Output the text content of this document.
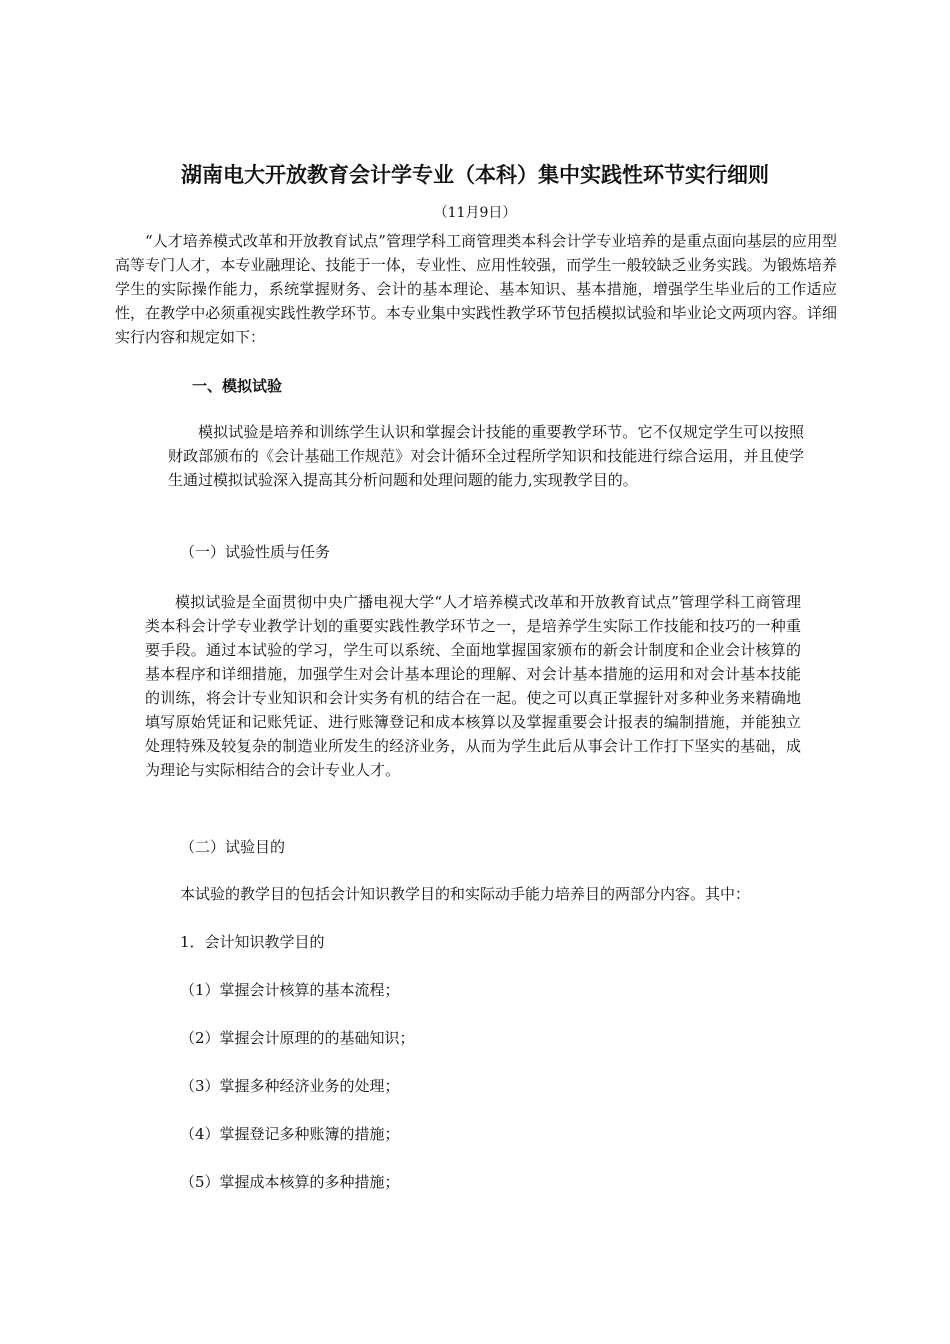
湖南电大开放教育会计学专业（本科）集中实践性环节实行细则
（11月9日）

“人才培养模式改革和开放教育试点”管理学科工商管理类本科会计学专业培养的是重点面向基层的应用型高等专门人才，本专业融理论、技能于一体，专业性、应用性较强，而学生一般较缺乏业务实践。为锻炼培养学生的实际操作能力，系统掌握财务、会计的基本理论、基本知识、基本措施，增强学生毕业后的工作适应性，在教学中必须重视实践性教学环节。本专业集中实践性教学环节包括模拟试验和毕业论文两项内容。详细实行内容和规定如下：

一、模拟试验

模拟试验是培养和训练学生认识和掌握会计技能的重要教学环节。它不仅规定学生可以按照财政部颁布的《会计基础工作规范》对会计循环全过程所学知识和技能进行综合运用，并且使学生通过模拟试验深入提高其分析问题和处理问题的能力,实现教学目的。

（一）试验性质与任务

模拟试验是全面贯彻中央广播电视大学“人才培养模式改革和开放教育试点”管理学科工商管理类本科会计学专业教学计划的重要实践性教学环节之一，是培养学生实际工作技能和技巧的一种重要手段。通过本试验的学习，学生可以系统、全面地掌握国家颁布的新会计制度和企业会计核算的基本程序和详细措施，加强学生对会计基本理论的理解、对会计基本措施的运用和对会计基本技能的训练，将会计专业知识和会计实务有机的结合在一起。使之可以真正掌握针对多种业务来精确地填写原始凭证和记账凭证、进行账簿登记和成本核算以及掌握重要会计报表的编制措施，并能独立处理特殊及较复杂的制造业所发生的经济业务，从而为学生此后从事会计工作打下坚实的基础，成为理论与实际相结合的会计专业人才。

（二）试验目的
本试验的教学目的包括会计知识教学目的和实际动手能力培养目的两部分内容。其中：
1．会计知识教学目的
（1）掌握会计核算的基本流程；
（2）掌握会计原理的的基础知识；
（3）掌握多种经济业务的处理；
（4）掌握登记多种账簿的措施；
（5）掌握成本核算的多种措施；
